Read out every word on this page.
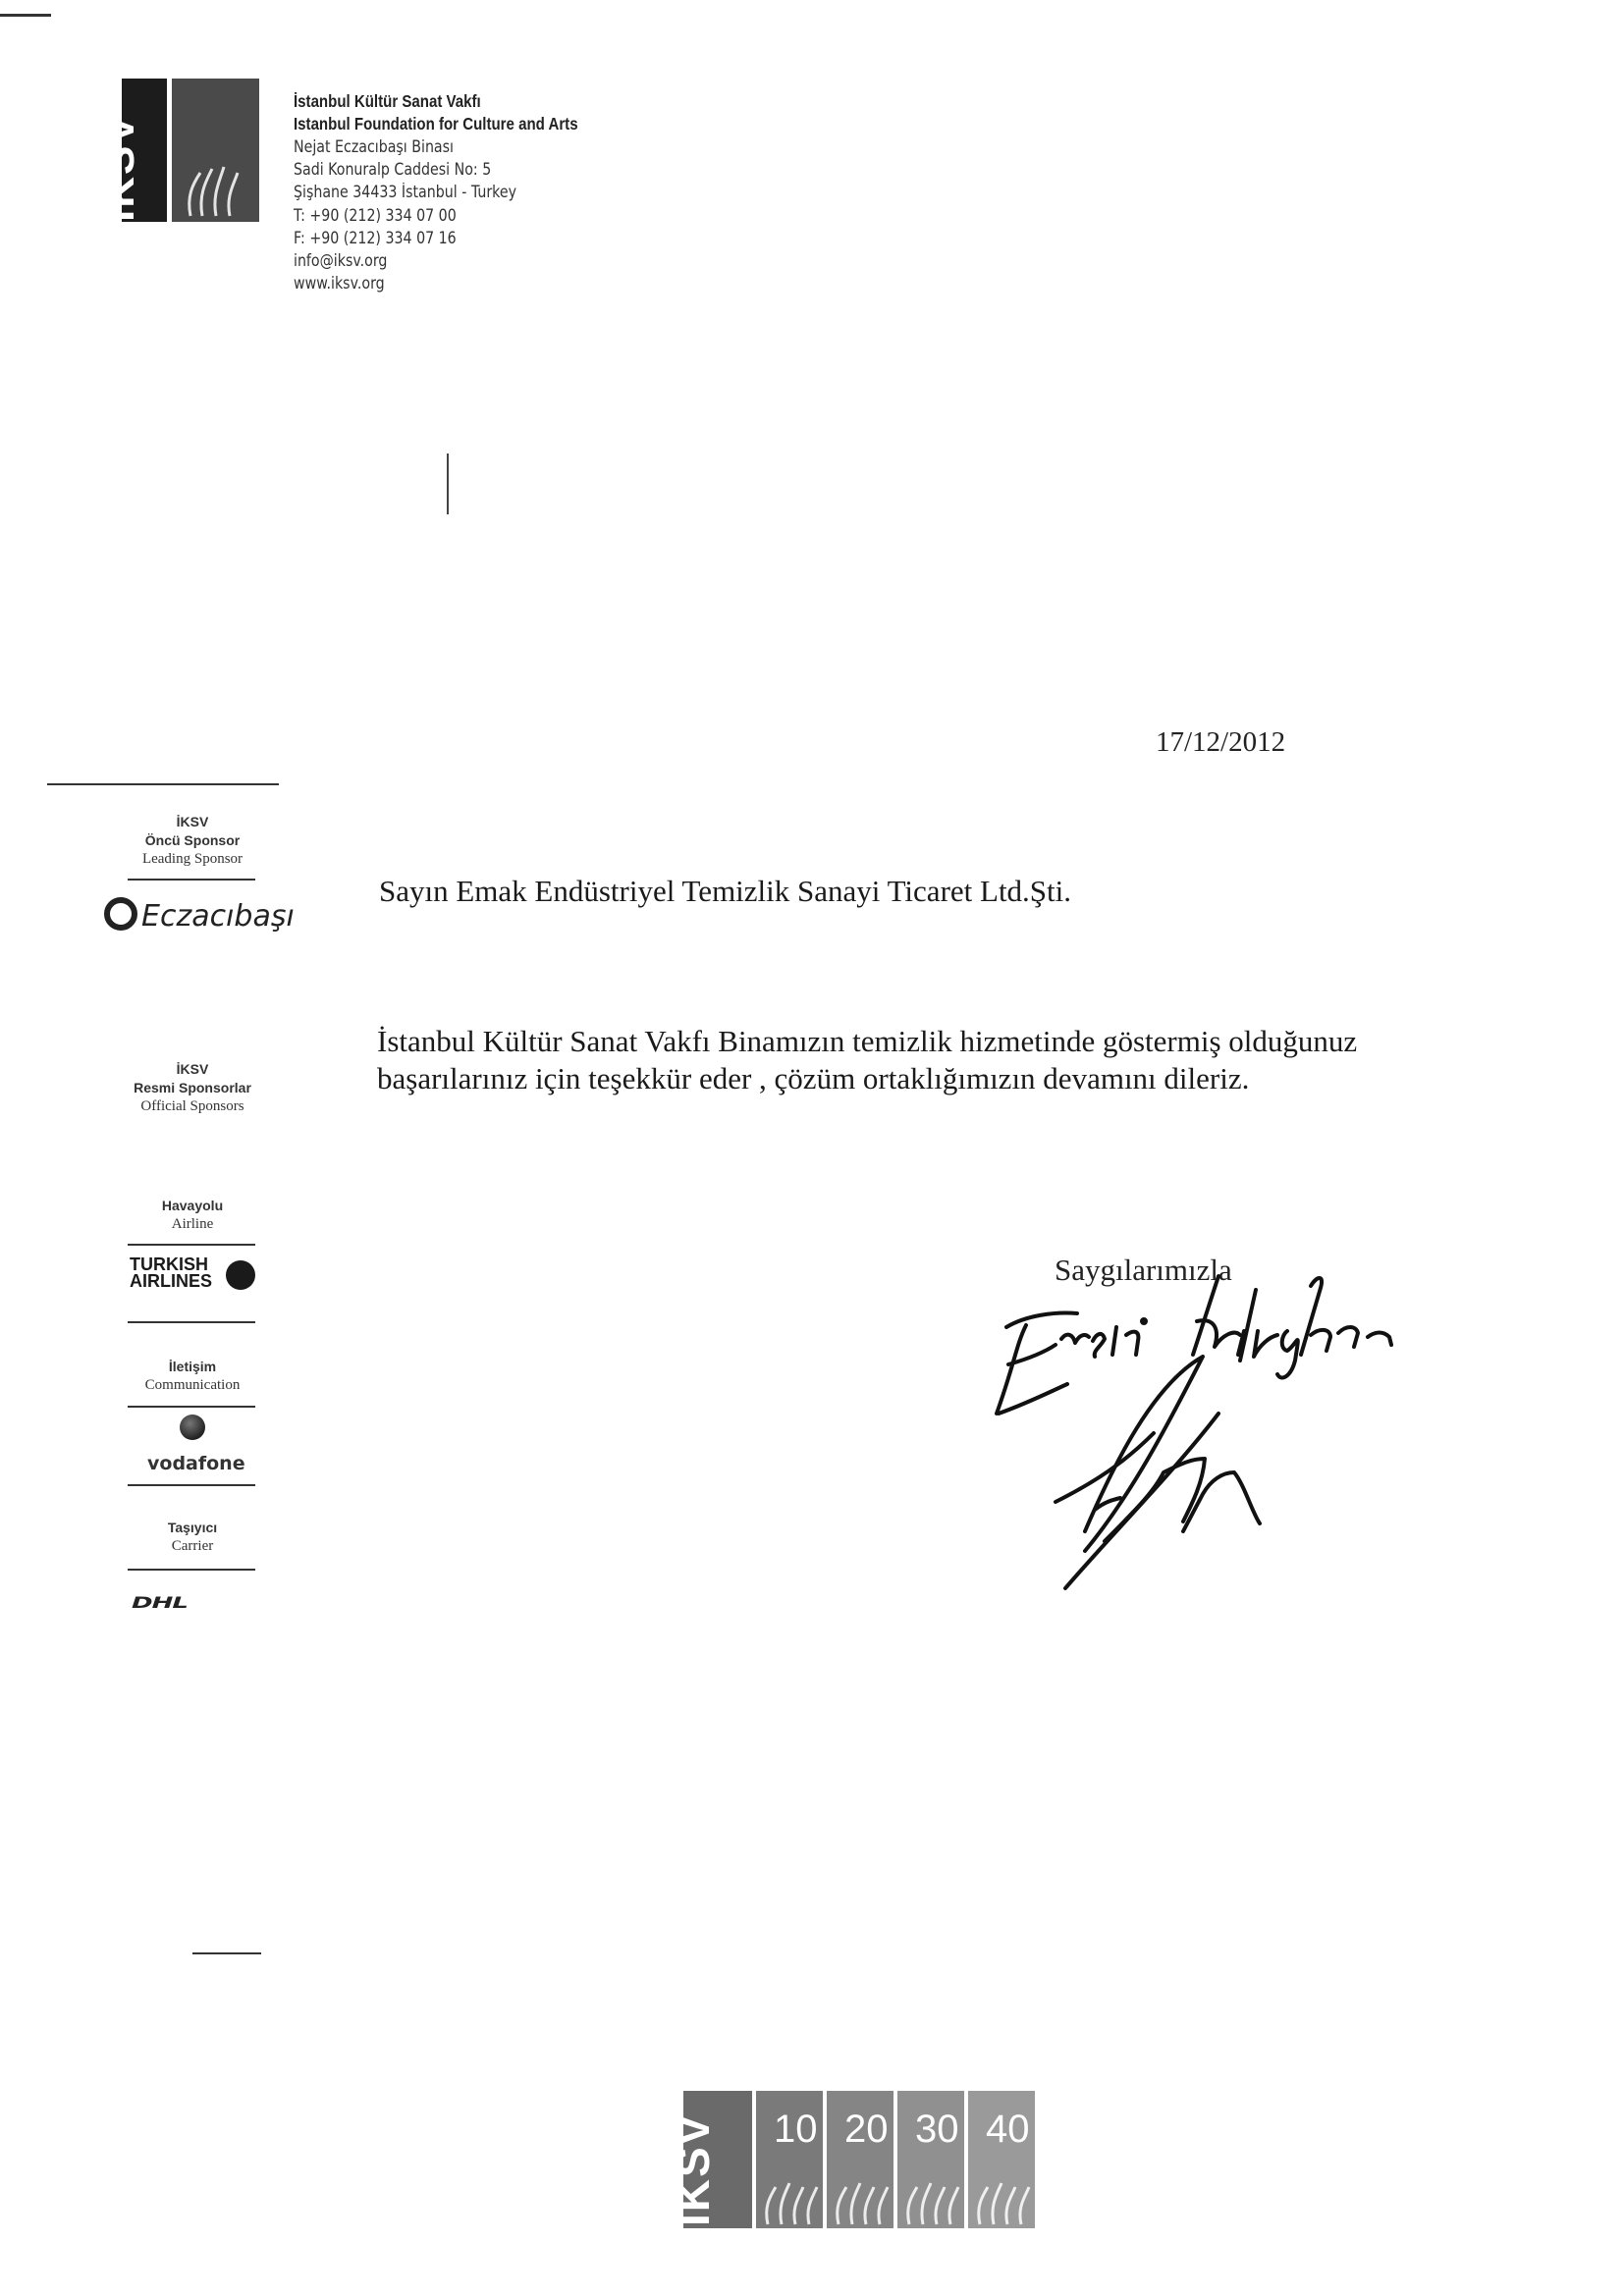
İKSV
İstanbul Kültür Sanat Vakfı
Istanbul Foundation for Culture and Arts
Nejat Eczacıbaşı Binası
Sadi Konuralp Caddesi No: 5
Şişhane 34433 İstanbul - Turkey
T: +90 (212) 334 07 00
F: +90 (212) 334 07 16
info@iksv.org
www.iksv.org
17/12/2012
İKSV
Öncü Sponsor
Leading Sponsor
Eczacıbaşı
İKSV
Resmi Sponsorlar
Official Sponsors
Havayolu
Airline
TURKISH
AIRLINES
İletişim
Communication
vodafone
Taşıyıcı
Carrier
DHL
Sayın Emak Endüstriyel Temizlik Sanayi Ticaret Ltd.Şti.
İstanbul Kültür Sanat Vakfı Binamızın temizlik hizmetinde göstermiş olduğunuz başarılarınız için teşekkür eder , çözüm ortaklığımızın devamını dileriz.
Saygılarımızla
İKSV 10 20 30 40
